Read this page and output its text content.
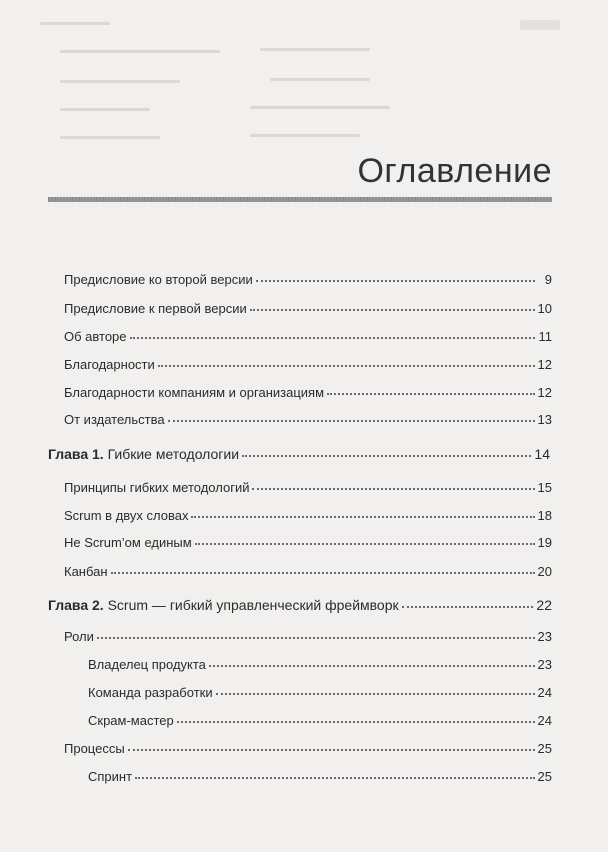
Оглавление
Предисловие ко второй версии	9
Предисловие к первой версии	10
Об авторе	11
Благодарности	12
Благодарности компаниям и организациям	12
От издательства	13
Глава 1. Гибкие методологии	14
Принципы гибких методологий	15
Scrum в двух словах	18
Не Scrum’ом единым	19
Канбан	20
Глава 2. Scrum — гибкий управленческий фреймворк	22
Роли	23
Владелец продукта	23
Команда разработки	24
Скрам-мастер	24
Процессы	25
Спринт	25
